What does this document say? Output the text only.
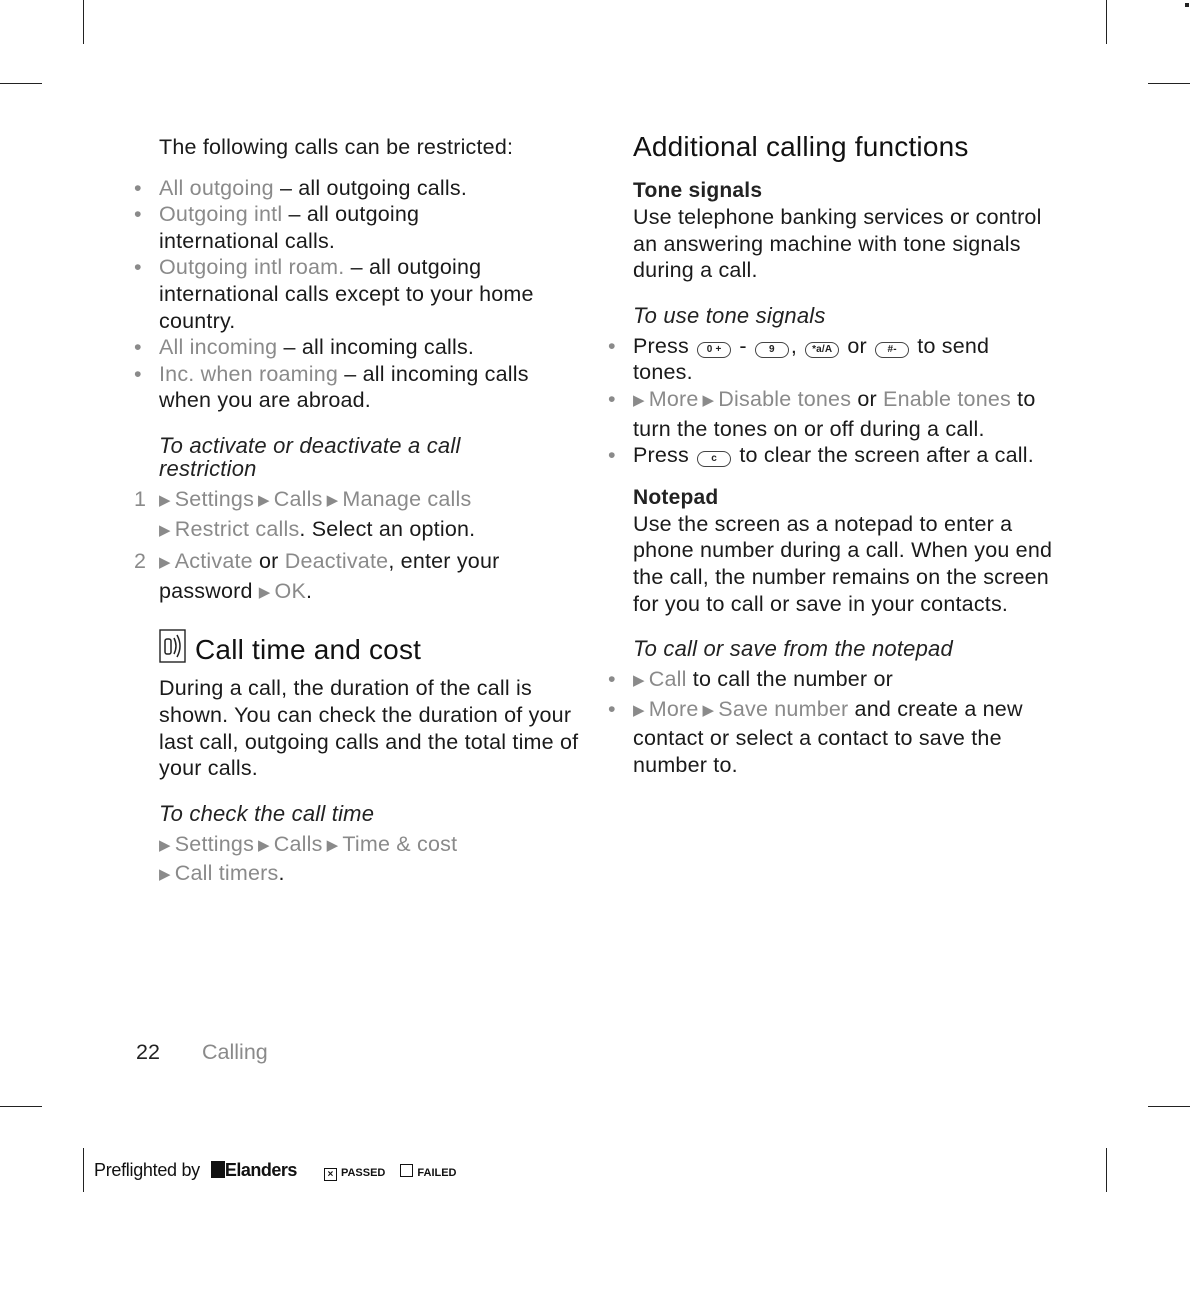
The following calls can be restricted:

• All outgoing – all outgoing calls.
• Outgoing intl – all outgoing international calls.
• Outgoing intl roam. – all outgoing international calls except to your home country.
• All incoming – all incoming calls.
• Inc. when roaming – all incoming calls when you are abroad.

To activate or deactivate a call restriction

1 ▶ Settings ▶ Calls ▶ Manage calls
▶ Restrict calls. Select an option.
2 ▶ Activate or Deactivate, enter your password ▶ OK.
Call time and cost

During a call, the duration of the call is shown. You can check the duration of your last call, outgoing calls and the total time of your calls.

To check the call time

▶ Settings ▶ Calls ▶ Time & cost
▶ Call timers.

Additional calling functions

Tone signals

Use telephone banking services or control an answering machine with tone signals during a call.

To use tone signals

• Press 0 + - 9 , *a/A or #- to send tones.
• ▶ More ▶ Disable tones or Enable tones to turn the tones on or off during a call.
• Press c to clear the screen after a call.

Notepad

Use the screen as a notepad to enter a phone number during a call. When you end the call, the number remains on the screen for you to call or save in your contacts.

To call or save from the notepad

• ▶ Call to call the number or
• ▶ More ▶ Save number and create a new contact or select a contact to save the number to.
22 Calling
Preflighted by Elanders	× PASSED	FAILED
